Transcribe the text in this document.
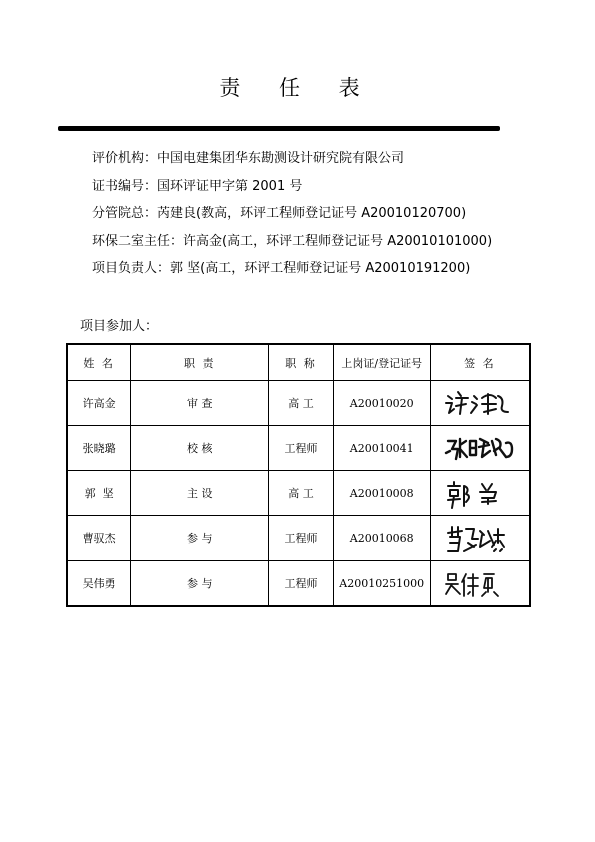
责 任 表
评价机构：中国电建集团华东勘测设计研究院有限公司
证书编号：国环评证甲字第 2001 号
分管院总：芮建良(教高，环评工程师登记证号 A20010120700)
环保二室主任：许高金(高工，环评工程师登记证号 A20010101000)
项目负责人：郭 坚(高工，环评工程师登记证号 A20010191200)
项目参加人：
姓 名	职 责	职 称	上岗证/登记证号	签 名
许高金	审 查	高 工	A20010020	

张晓璐	校 核	工程师	A20010041	

郭  坚	主 设	高 工	A20010008	

曹驭杰	参 与	工程师	A20010068	

吴伟勇	参 与	工程师	A20010251000	
